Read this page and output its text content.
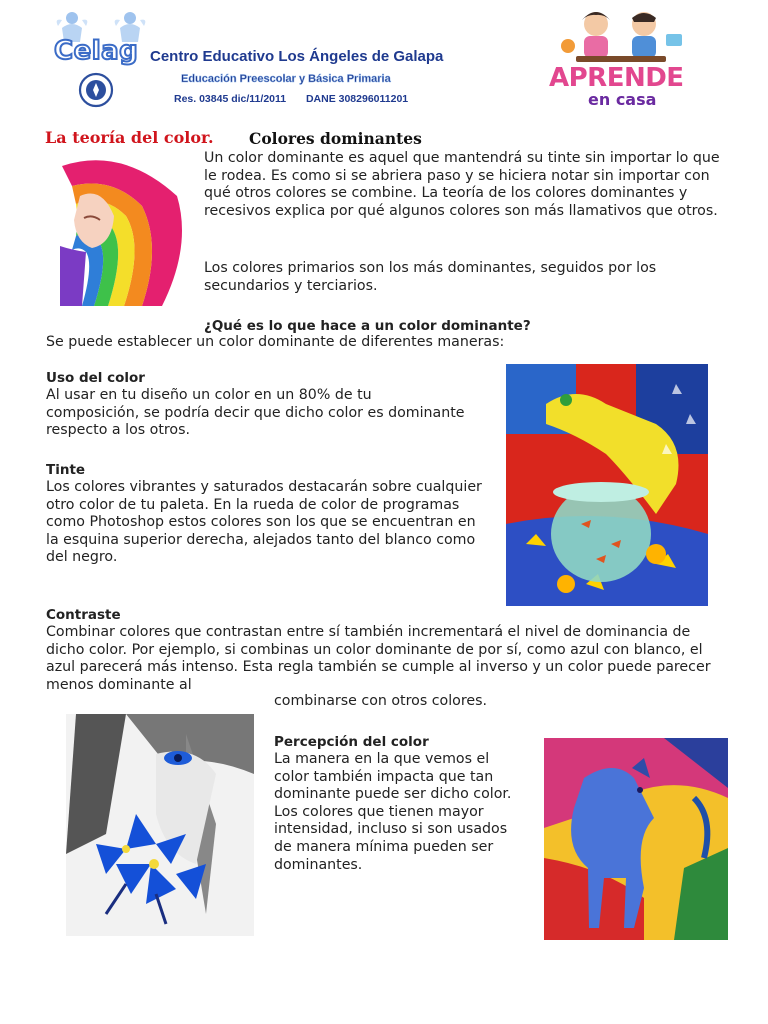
Celag Centro Educativo Los Ángeles de Galapa
Educación Preescolar y Básica Primaria
Res. 03845 dic/11/2011 DANE 308296011201
APRENDE
en casa
La teoría del color. Colores dominantes

Un color dominante es aquel que mantendrá su tinte sin importar lo que le rodea. Es como si se abriera paso y se hiciera notar sin importar con qué otros colores se combine. La teoría de los colores dominantes y recesivos explica por qué algunos colores son más llamativos que otros.

Los colores primarios son los más dominantes, seguidos por los secundarios y terciarios.

¿Qué es lo que hace a un color dominante?

Se puede establecer un color dominante de diferentes maneras:

Uso del color

Al usar en tu diseño un color en un 80% de tu composición, se podría decir que dicho color es dominante respecto a los otros.

Tinte

Los colores vibrantes y saturados destacarán sobre cualquier otro color de tu paleta. En la rueda de color de programas como Photoshop estos colores son los que se encuentran en la esquina superior derecha, alejados tanto del blanco como del negro.

Contraste

Combinar colores que contrastan entre sí también incrementará el nivel de dominancia de dicho color. Por ejemplo, si combinas un color dominante de por sí, como azul con blanco, el azul parecerá más intenso. Esta regla también se cumple al inverso y un color puede parecer menos dominante al

combinarse con otros colores.

Percepción del color

La manera en la que vemos el color también impacta que tan dominante puede ser dicho color. Los colores que tienen mayor intensidad, incluso si son usados de manera mínima pueden ser dominantes.
